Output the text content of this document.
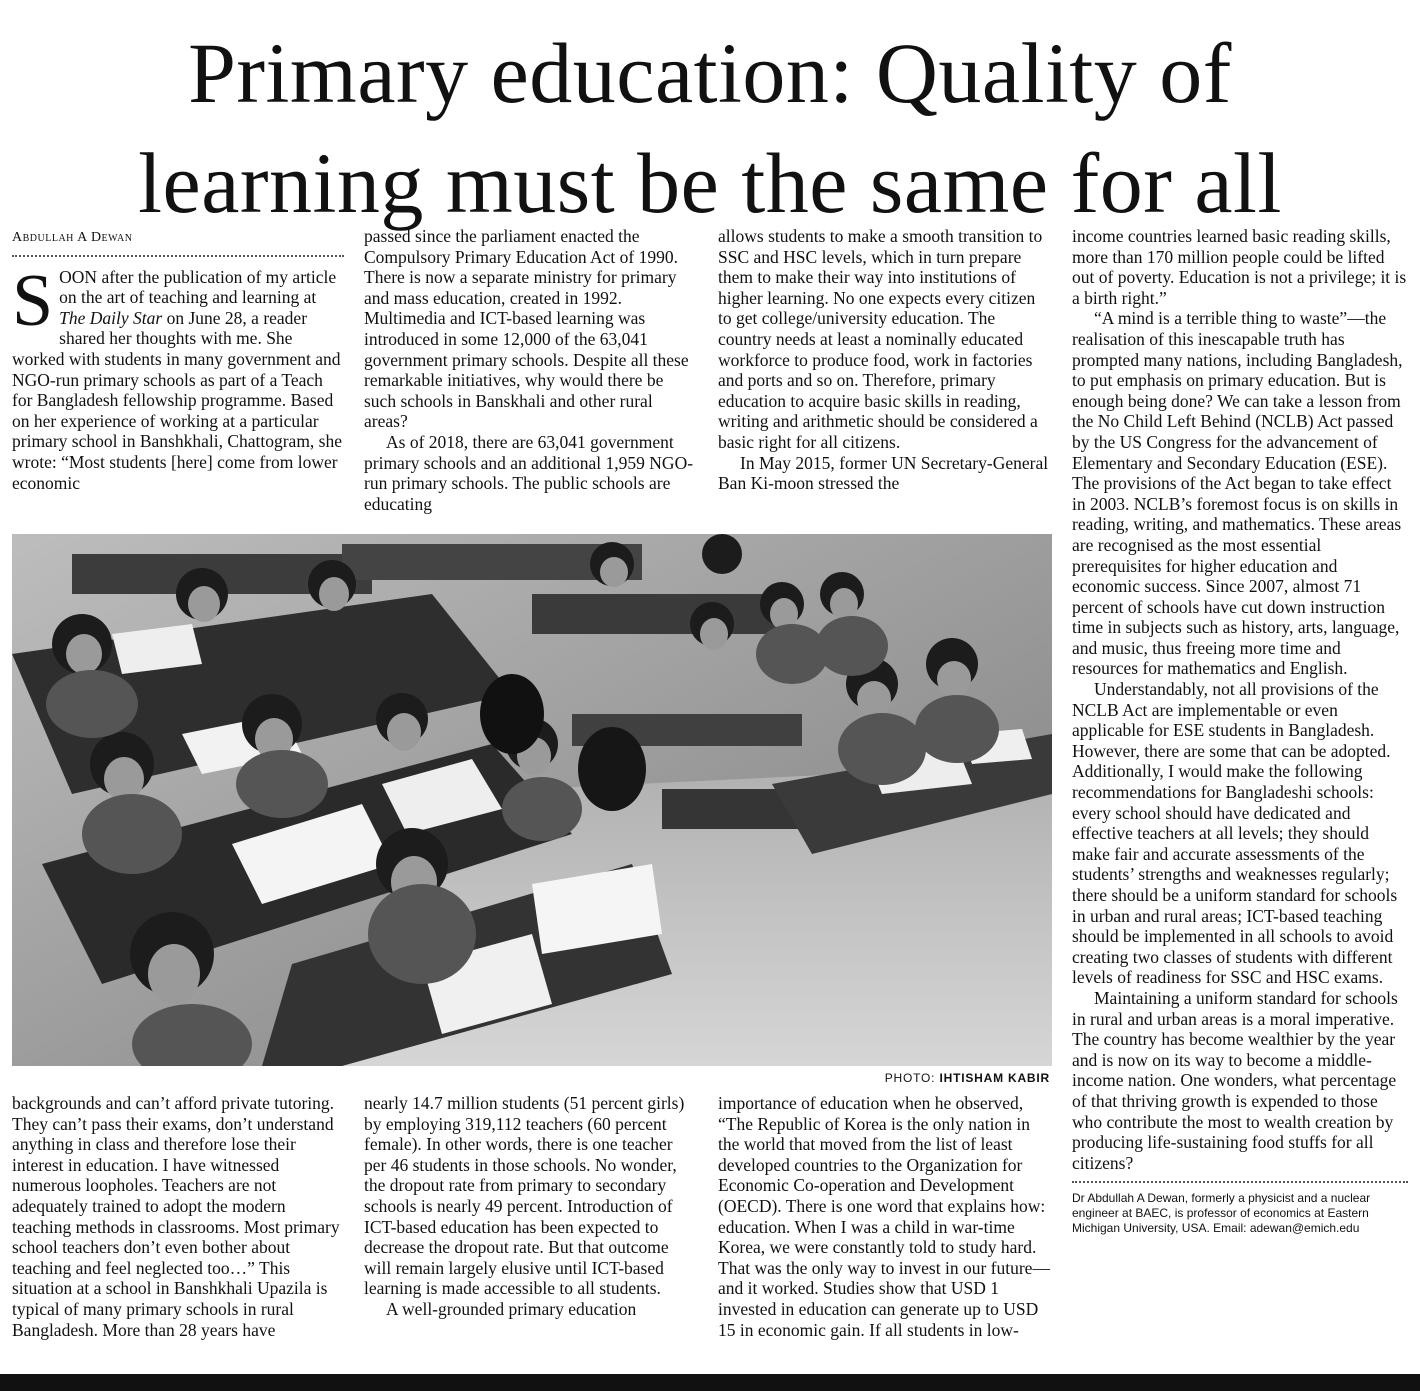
Primary education: Quality of
learning must be the same for all
Abdullah A Dewan

SOON after the publication of my article on the art of teaching and learning at The Daily Star on June 28, a reader shared her thoughts with me. She worked with students in many government and NGO-run primary schools as part of a Teach for Bangladesh fellowship programme. Based on her experience of working at a particular primary school in Banshkhali, Chattogram, she wrote: “Most students [here] come from lower economic

passed since the parliament enacted the Compulsory Primary Education Act of 1990. There is now a separate ministry for primary and mass education, created in 1992. Multimedia and ICT-based learning was introduced in some 12,000 of the 63,041 government primary schools. Despite all these remarkable initiatives, why would there be such schools in Banskhali and other rural areas?

As of 2018, there are 63,041 government primary schools and an additional 1,959 NGO-run primary schools. The public schools are educating

allows students to make a smooth transition to SSC and HSC levels, which in turn prepare them to make their way into institutions of higher learning. No one expects every citizen to get college/university education. The country needs at least a nominally educated workforce to produce food, work in factories and ports and so on. Therefore, primary education to acquire basic skills in reading, writing and arithmetic should be considered a basic right for all citizens.

In May 2015, former UN Secretary-General Ban Ki-moon stressed the

income countries learned basic reading skills, more than 170 million people could be lifted out of poverty. Education is not a privilege; it is a birth right.”

“A mind is a terrible thing to waste”—the realisation of this inescapable truth has prompted many nations, including Bangladesh, to put emphasis on primary education. But is enough being done? We can take a lesson from the No Child Left Behind (NCLB) Act passed by the US Congress for the advancement of Elementary and Secondary Education (ESE). The provisions of the Act began to take effect in 2003. NCLB’s foremost focus is on skills in reading, writing, and mathematics. These areas are recognised as the most essential prerequisites for higher education and economic success. Since 2007, almost 71 percent of schools have cut down instruction time in subjects such as history, arts, language, and music, thus freeing more time and resources for mathematics and English.

Understandably, not all provisions of the NCLB Act are implementable or even applicable for ESE students in Bangladesh. However, there are some that can be adopted. Additionally, I would make the following recommendations for Bangladeshi schools: every school should have dedicated and effective teachers at all levels; they should make fair and accurate assessments of the students’ strengths and weaknesses regularly; there should be a uniform standard for schools in urban and rural areas; ICT-based teaching should be implemented in all schools to avoid creating two classes of students with different levels of readiness for SSC and HSC exams.

Maintaining a uniform standard for schools in rural and urban areas is a moral imperative. The country has become wealthier by the year and is now on its way to become a middle-income nation. One wonders, what percentage of that thriving growth is expended to those who contribute the most to wealth creation by producing life-sustaining food stuffs for all citizens?

Dr Abdullah A Dewan, formerly a physicist and a nuclear engineer at BAEC, is professor of economics at Eastern Michigan University, USA. Email: adewan@emich.edu
PHOTO: IHTISHAM KABIR

backgrounds and can’t afford private tutoring. They can’t pass their exams, don’t understand anything in class and therefore lose their interest in education. I have witnessed numerous loopholes. Teachers are not adequately trained to adopt the modern teaching methods in classrooms. Most primary school teachers don’t even bother about teaching and feel neglected too…” This situation at a school in Banshkhali Upazila is typical of many primary schools in rural Bangladesh. More than 28 years have

nearly 14.7 million students (51 percent girls) by employing 319,112 teachers (60 percent female). In other words, there is one teacher per 46 students in those schools. No wonder, the dropout rate from primary to secondary schools is nearly 49 percent. Introduction of ICT-based education has been expected to decrease the dropout rate. But that outcome will remain largely elusive until ICT-based learning is made accessible to all students.

A well-grounded primary education

importance of education when he observed, “The Republic of Korea is the only nation in the world that moved from the list of least developed countries to the Organization for Economic Co-operation and Development (OECD). There is one word that explains how: education. When I was a child in war-time Korea, we were constantly told to study hard. That was the only way to invest in our future—and it worked. Studies show that USD 1 invested in education can generate up to USD 15 in economic gain. If all students in low-
